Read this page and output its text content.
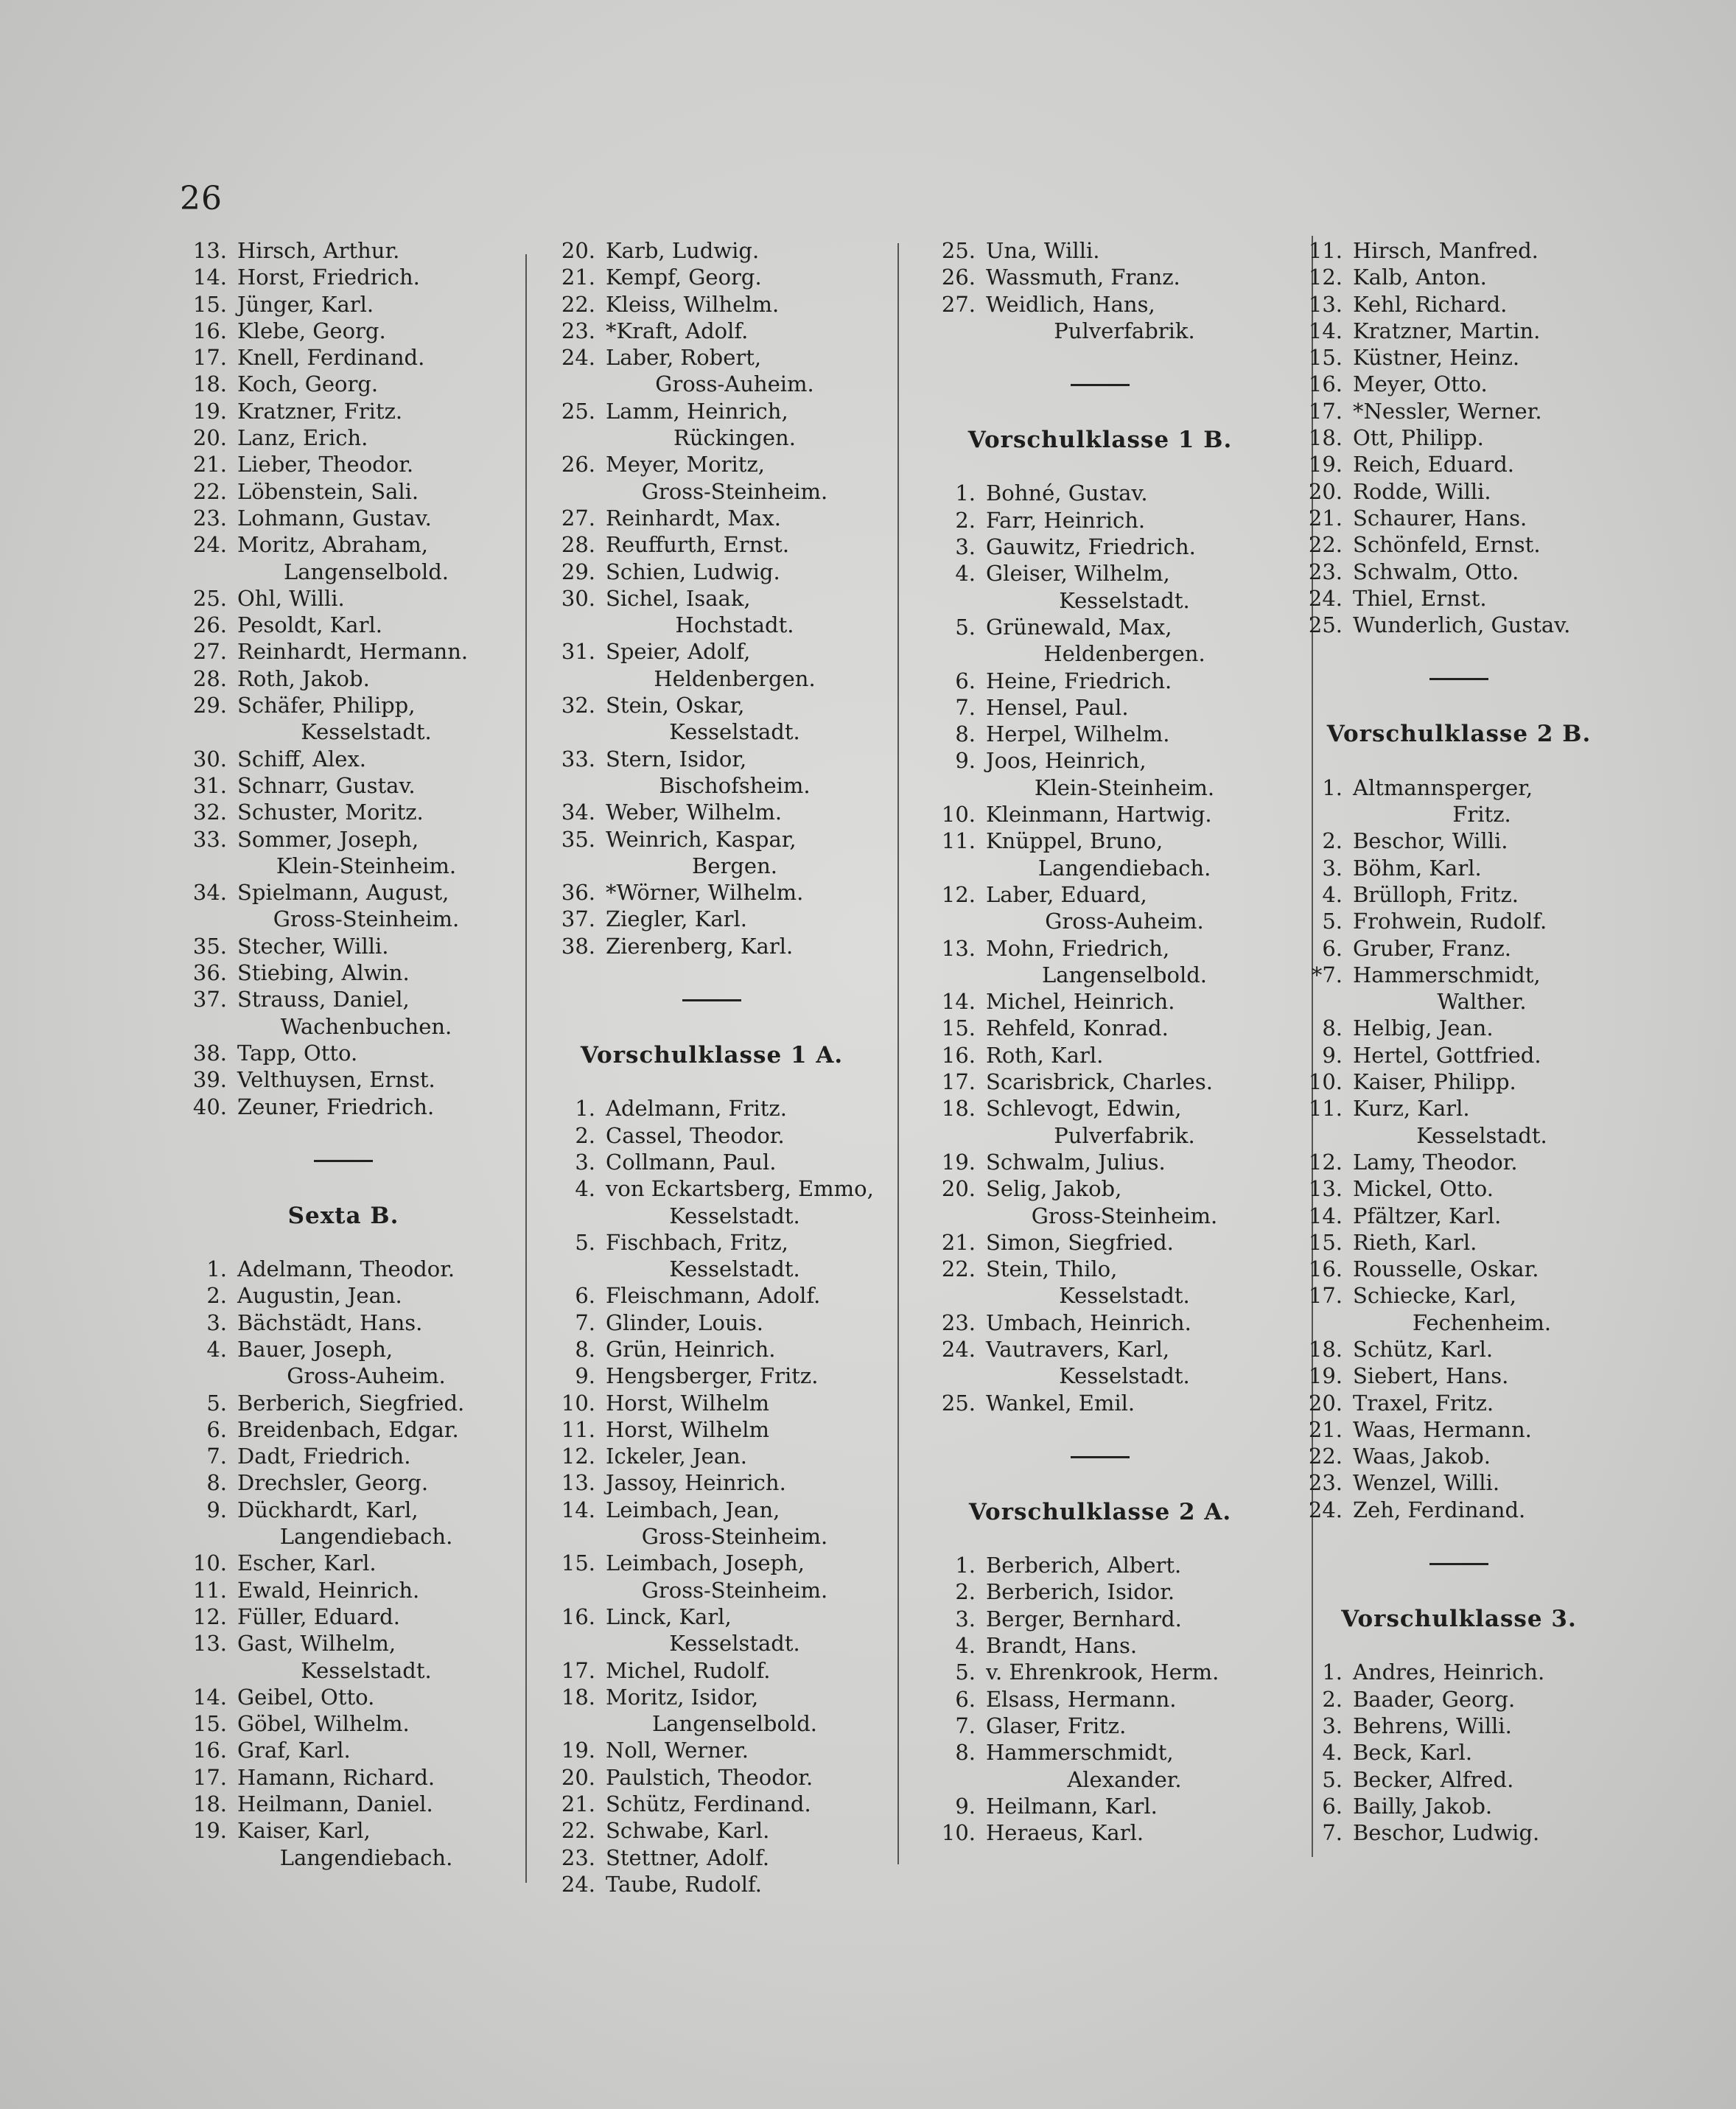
26
13. Hirsch, Arthur.
14. Horst, Friedrich.
15. Jünger, Karl.
16. Klebe, Georg.
17. Knell, Ferdinand.
18. Koch, Georg.
19. Kratzner, Fritz.
20. Lanz, Erich.
21. Lieber, Theodor.
22. Löbenstein, Sali.
23. Lohmann, Gustav.
24. Moritz, Abraham,
Langenselbold.
25. Ohl, Willi.
26. Pesoldt, Karl.
27. Reinhardt, Hermann.
28. Roth, Jakob.
29. Schäfer, Philipp,
Kesselstadt.
30. Schiff, Alex.
31. Schnarr, Gustav.
32. Schuster, Moritz.
33. Sommer, Joseph,
Klein-Steinheim.
34. Spielmann, August,
Gross-Steinheim.
35. Stecher, Willi.
36. Stiebing, Alwin.
37. Strauss, Daniel,
Wachenbuchen.
38. Tapp, Otto.
39. Velthuysen, Ernst.
40. Zeuner, Friedrich.
Sexta B.
1. Adelmann, Theodor.
2. Augustin, Jean.
3. Bächstädt, Hans.
4. Bauer, Joseph,
Gross-Auheim.
5. Berberich, Siegfried.
6. Breidenbach, Edgar.
7. Dadt, Friedrich.
8. Drechsler, Georg.
9. Dückhardt, Karl,
Langendiebach.
10. Escher, Karl.
11. Ewald, Heinrich.
12. Füller, Eduard.
13. Gast, Wilhelm,
Kesselstadt.
14. Geibel, Otto.
15. Göbel, Wilhelm.
16. Graf, Karl.
17. Hamann, Richard.
18. Heilmann, Daniel.
19. Kaiser, Karl,
Langendiebach.
20. Karb, Ludwig.
21. Kempf, Georg.
22. Kleiss, Wilhelm.
23. *Kraft, Adolf.
24. Laber, Robert,
Gross-Auheim.
25. Lamm, Heinrich,
Rückingen.
26. Meyer, Moritz,
Gross-Steinheim.
27. Reinhardt, Max.
28. Reuffurth, Ernst.
29. Schien, Ludwig.
30. Sichel, Isaak,
Hochstadt.
31. Speier, Adolf,
Heldenbergen.
32. Stein, Oskar,
Kesselstadt.
33. Stern, Isidor,
Bischofsheim.
34. Weber, Wilhelm.
35. Weinrich, Kaspar,
Bergen.
36. *Wörner, Wilhelm.
37. Ziegler, Karl.
38. Zierenberg, Karl.
Vorschulklasse 1 A.
1. Adelmann, Fritz.
2. Cassel, Theodor.
3. Collmann, Paul.
4. von Eckartsberg, Emmo,
Kesselstadt.
5. Fischbach, Fritz,
Kesselstadt.
6. Fleischmann, Adolf.
7. Glinder, Louis.
8. Grün, Heinrich.
9. Hengsberger, Fritz.
10. Horst, Wilhelm
11. Horst, Wilhelm
12. Ickeler, Jean.
13. Jassoy, Heinrich.
14. Leimbach, Jean,
Gross-Steinheim.
15. Leimbach, Joseph,
Gross-Steinheim.
16. Linck, Karl,
Kesselstadt.
17. Michel, Rudolf.
18. Moritz, Isidor,
Langenselbold.
19. Noll, Werner.
20. Paulstich, Theodor.
21. Schütz, Ferdinand.
22. Schwabe, Karl.
23. Stettner, Adolf.
24. Taube, Rudolf.
25. Una, Willi.
26. Wassmuth, Franz.
27. Weidlich, Hans,
Pulverfabrik.
Vorschulklasse 1 B.
1. Bohné, Gustav.
2. Farr, Heinrich.
3. Gauwitz, Friedrich.
4. Gleiser, Wilhelm,
Kesselstadt.
5. Grünewald, Max,
Heldenbergen.
6. Heine, Friedrich.
7. Hensel, Paul.
8. Herpel, Wilhelm.
9. Joos, Heinrich,
Klein-Steinheim.
10. Kleinmann, Hartwig.
11. Knüppel, Bruno,
Langendiebach.
12. Laber, Eduard,
Gross-Auheim.
13. Mohn, Friedrich,
Langenselbold.
14. Michel, Heinrich.
15. Rehfeld, Konrad.
16. Roth, Karl.
17. Scarisbrick, Charles.
18. Schlevogt, Edwin,
Pulverfabrik.
19. Schwalm, Julius.
20. Selig, Jakob,
Gross-Steinheim.
21. Simon, Siegfried.
22. Stein, Thilo,
Kesselstadt.
23. Umbach, Heinrich.
24. Vautravers, Karl,
Kesselstadt.
25. Wankel, Emil.
Vorschulklasse 2 A.
1. Berberich, Albert.
2. Berberich, Isidor.
3. Berger, Bernhard.
4. Brandt, Hans.
5. v. Ehrenkrook, Herm.
6. Elsass, Hermann.
7. Glaser, Fritz.
8. Hammerschmidt,
Alexander.
9. Heilmann, Karl.
10. Heraeus, Karl.
11. Hirsch, Manfred.
12. Kalb, Anton.
13. Kehl, Richard.
14. Kratzner, Martin.
15. Küstner, Heinz.
16. Meyer, Otto.
17. *Nessler, Werner.
18. Ott, Philipp.
19. Reich, Eduard.
20. Rodde, Willi.
21. Schaurer, Hans.
22. Schönfeld, Ernst.
23. Schwalm, Otto.
24. Thiel, Ernst.
25. Wunderlich, Gustav.
Vorschulklasse 2 B.
1. Altmannsperger,
Fritz.
2. Beschor, Willi.
3. Böhm, Karl.
4. Brülloph, Fritz.
5. Frohwein, Rudolf.
6. Gruber, Franz.
*7. Hammerschmidt,
Walther.
8. Helbig, Jean.
9. Hertel, Gottfried.
10. Kaiser, Philipp.
11. Kurz, Karl.
Kesselstadt.
12. Lamy, Theodor.
13. Mickel, Otto.
14. Pfältzer, Karl.
15. Rieth, Karl.
16. Rousselle, Oskar.
17. Schiecke, Karl,
Fechenheim.
18. Schütz, Karl.
19. Siebert, Hans.
20. Traxel, Fritz.
21. Waas, Hermann.
22. Waas, Jakob.
23. Wenzel, Willi.
24. Zeh, Ferdinand.
Vorschulklasse 3.
1. Andres, Heinrich.
2. Baader, Georg.
3. Behrens, Willi.
4. Beck, Karl.
5. Becker, Alfred.
6. Bailly, Jakob.
7. Beschor, Ludwig.
